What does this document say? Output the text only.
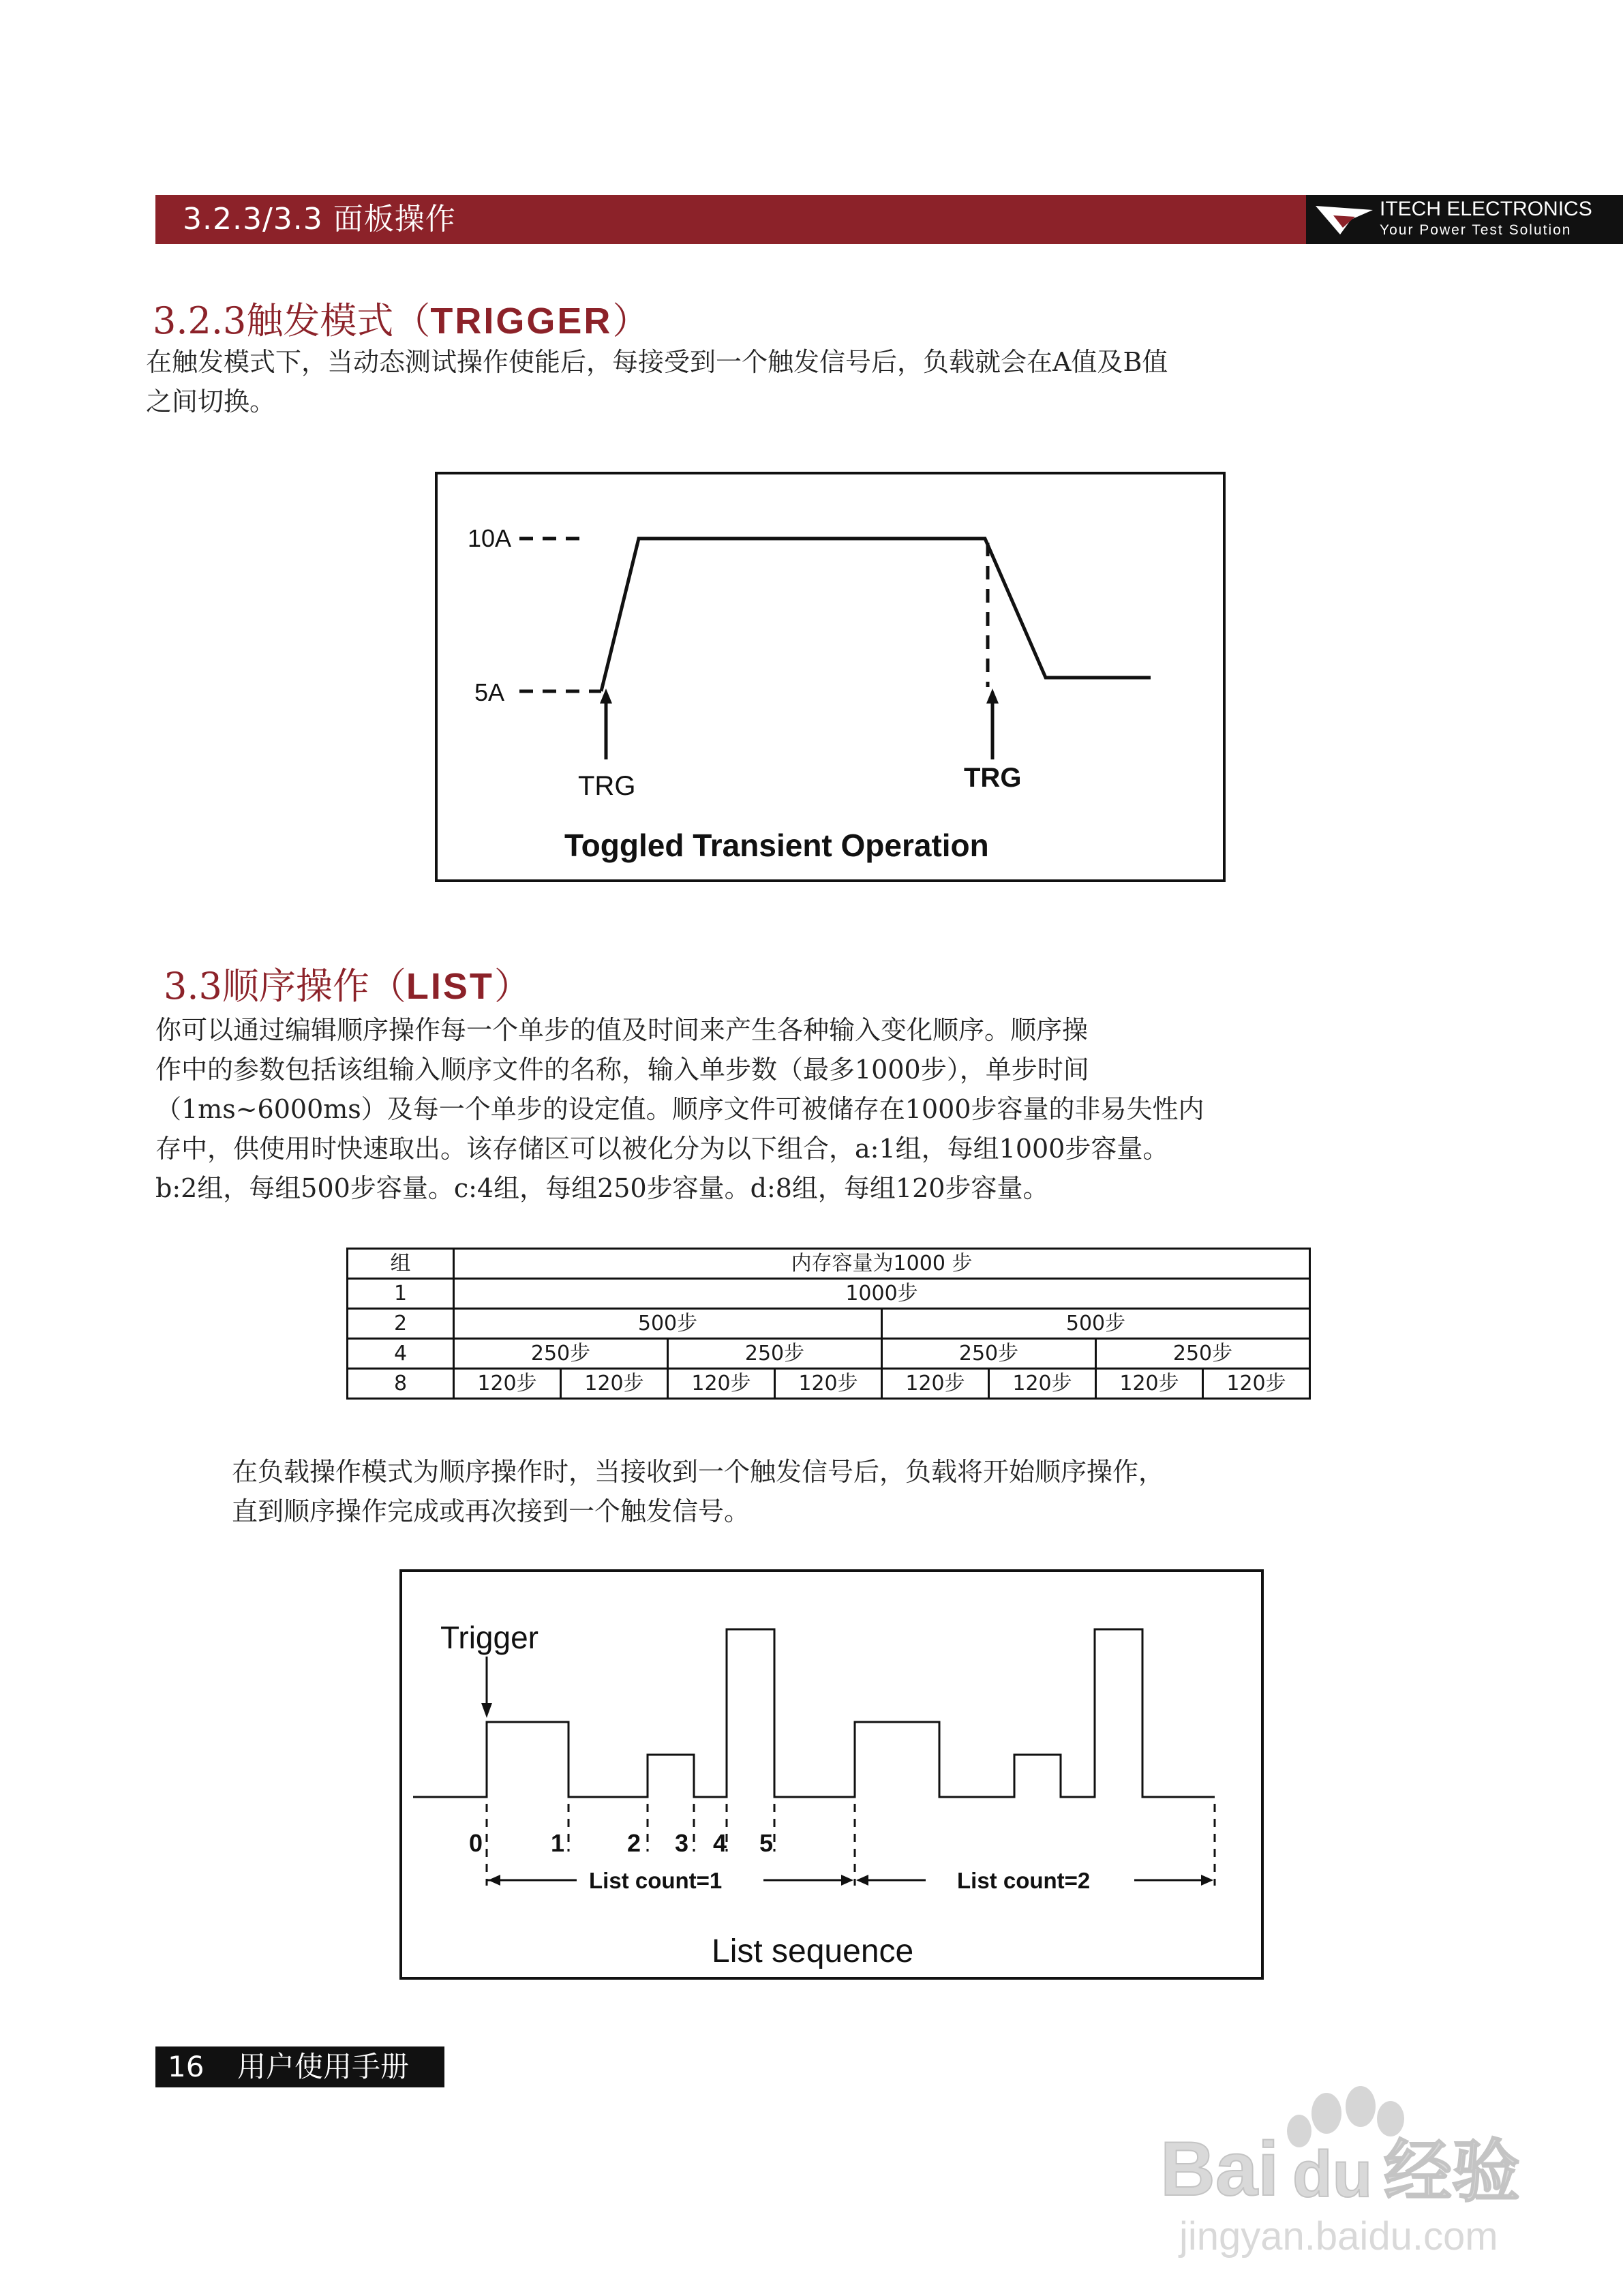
3.2.3/3.3 面板操作	ITECH ELECTRONICS
Your Power Test Solution
3.2.3触发模式（TRIGGER）
在触发模式下，当动态测试操作使能后，每接受到一个触发信号后，负载就会在A值及B值
之间切换。
10A
5A
TRG	TRG
Toggled Transient Operation
3.3顺序操作（LIST）
你可以通过编辑顺序操作每一个单步的值及时间来产生各种输入变化顺序。顺序操
作中的参数包括该组输入顺序文件的名称，输入单步数（最多1000步），单步时间
（1ms~6000ms）及每一个单步的设定值。顺序文件可被储存在1000步容量的非易失性内
存中，供使用时快速取出。该存储区可以被化分为以下组合，a:1组，每组1000步容量。
b:2组，每组500步容量。c:4组，每组250步容量。d:8组，每组120步容量。
组	内存容量为1000 步							
1	1000步							
2	500步				500步			
4	250步		250步		250步		250步	
8	120步	120步	120步	120步	120步	120步	120步	120步
在负载操作模式为顺序操作时，当接收到一个触发信号后，负载将开始顺序操作，
直到顺序操作完成或再次接到一个触发信号。
Trigger
0	1	2 3 4 5
List count=1	List count=2
List sequence
16 用户使用手册
Bai du 经验
jingyan.baidu.com
